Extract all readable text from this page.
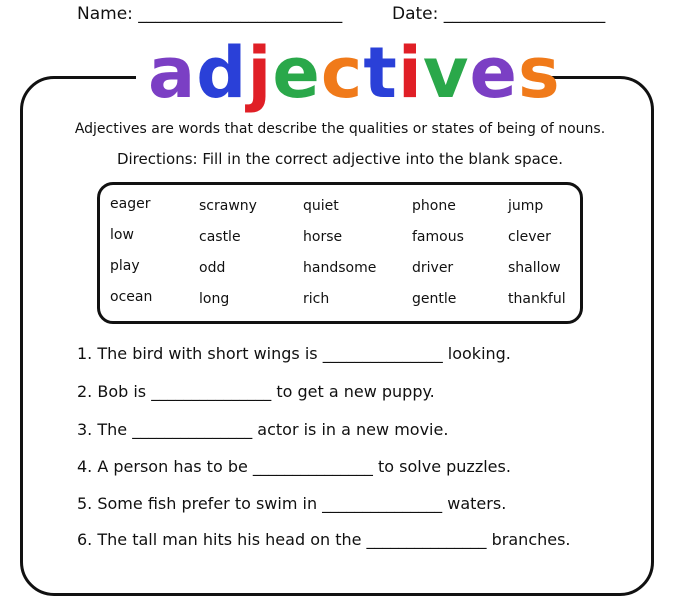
Name: ________________________	Date: ___________________
adjectives
Adjectives are words that describe the qualities or states of being of nouns.
Directions: Fill in the correct adjective into the blank space.
eager
low
play
ocean
scrawny
castle
odd
long
quiet
horse
handsome
rich
phone
famous
driver
gentle
jump
clever
shallow
thankful
1. The bird with short wings is _______________ looking.
2. Bob is _______________ to get a new puppy.
3. The _______________ actor is in a new movie.
4. A person has to be _______________ to solve puzzles.
5. Some fish prefer to swim in _______________ waters.
6. The tall man hits his head on the _______________ branches.
